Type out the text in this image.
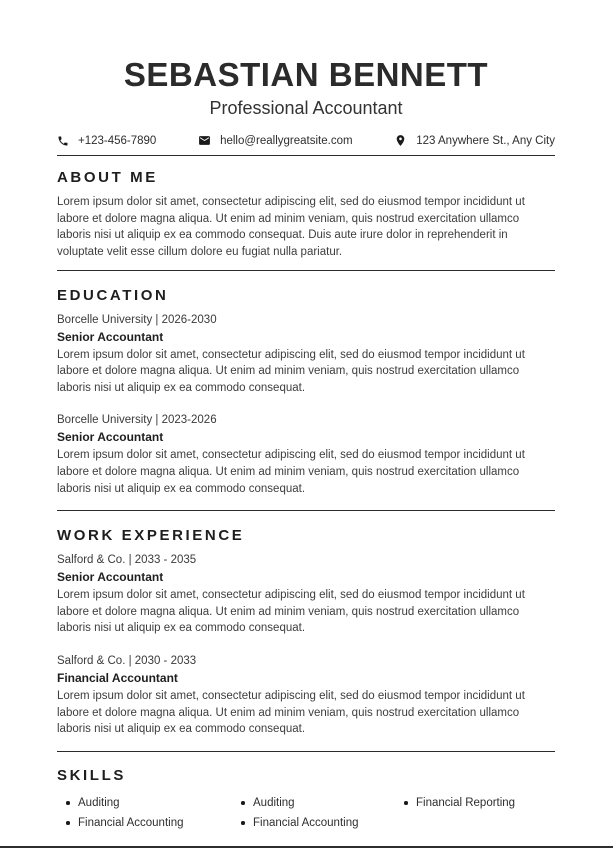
SEBASTIAN BENNETT
Professional Accountant
+123-456-7890	hello@reallygreatsite.com	123 Anywhere St., Any City
ABOUT ME

Lorem ipsum dolor sit amet, consectetur adipiscing elit, sed do eiusmod tempor incididunt ut labore et dolore magna aliqua. Ut enim ad minim veniam, quis nostrud exercitation ullamco laboris nisi ut aliquip ex ea commodo consequat. Duis aute irure dolor in reprehenderit in voluptate velit esse cillum dolore eu fugiat nulla pariatur.

EDUCATION
Borcelle University | 2026-2030
Senior Accountant

Lorem ipsum dolor sit amet, consectetur adipiscing elit, sed do eiusmod tempor incididunt ut labore et dolore magna aliqua. Ut enim ad minim veniam, quis nostrud exercitation ullamco laboris nisi ut aliquip ex ea commodo consequat.

Borcelle University | 2023-2026
Senior Accountant

Lorem ipsum dolor sit amet, consectetur adipiscing elit, sed do eiusmod tempor incididunt ut labore et dolore magna aliqua. Ut enim ad minim veniam, quis nostrud exercitation ullamco laboris nisi ut aliquip ex ea commodo consequat.

WORK EXPERIENCE
Salford & Co. | 2033 - 2035
Senior Accountant

Lorem ipsum dolor sit amet, consectetur adipiscing elit, sed do eiusmod tempor incididunt ut labore et dolore magna aliqua. Ut enim ad minim veniam, quis nostrud exercitation ullamco laboris nisi ut aliquip ex ea commodo consequat.

Salford & Co. | 2030 - 2033
Financial Accountant

Lorem ipsum dolor sit amet, consectetur adipiscing elit, sed do eiusmod tempor incididunt ut labore et dolore magna aliqua. Ut enim ad minim veniam, quis nostrud exercitation ullamco laboris nisi ut aliquip ex ea commodo consequat.

SKILLS
Auditing
Financial Accounting
Auditing
Financial Accounting
Financial Reporting
